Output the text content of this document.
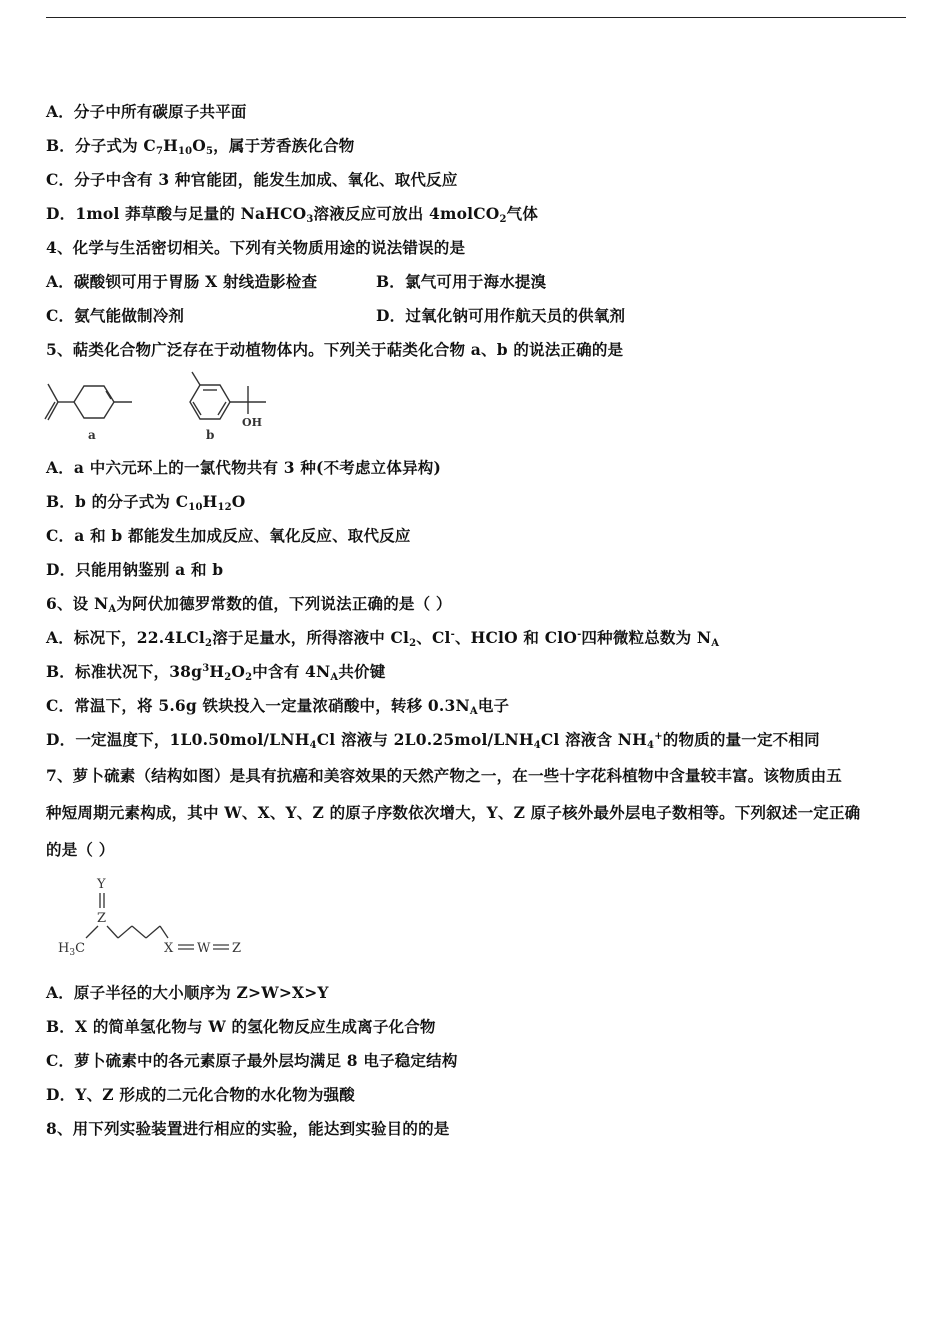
A．分子中所有碳原子共平面
B．分子式为 $C_7H_{10}O_5$，属于芳香族化合物
C．分子中含有 3 种官能团，能发生加成、氧化、取代反应
D．1mol 莽草酸与足量的 NaHCO$_3$溶液反应可放出 4molCO$_2$气体
4、化学与生活密切相关。下列有关物质用途的说法错误的是
A．碳酸钡可用于胃肠 X 射线造影检查	B．氯气可用于海水提溴
C．氨气能做制冷剂	D．过氧化钠可用作航天员的供氧剂
5、萜类化合物广泛存在于动植物体内。下列关于萜类化合物 a、b 的说法正确的是
a
OH
b
A．a 中六元环上的一氯代物共有 3 种(不考虑立体异构)
B．b 的分子式为 $C_{10}H_{12}O$
C．a 和 b 都能发生加成反应、氧化反应、取代反应
D．只能用钠鉴别 a 和 b
6、设 $N_A$为阿伏加德罗常数的值，下列说法正确的是（ ）
A．标况下，22.4LCl$_2$溶于足量水，所得溶液中 $Cl_2$、Cl-、HClO 和 ClO-四种微粒总数为 $N_A$
B．标准状况下，$38g^3H_2O_2$中含有 $4N_A$共价键
C．常温下，将 5.6g 铁块投入一定量浓硝酸中，转移 $0.3N_A$电子
D．一定温度下，$1L0.50mol/LNH_4Cl$ 溶液与 $2L0.25mol/LNH_4Cl$ 溶液含 $NH_4^+$的物质的量一定不相同
7、萝卜硫素（结构如图）是具有抗癌和美容效果的天然产物之一，在一些十字花科植物中含量较丰富。该物质由五
种短周期元素构成，其中 W、X、Y、Z 的原子序数依次增大，Y、Z 原子核外最外层电子数相等。下列叙述一定正确
的是（ ）
Y
Z
$H_3C$	X W Z
A．原子半径的大小顺序为 Z>W>X>Y
B．X 的简单氢化物与 W 的氢化物反应生成离子化合物
C．萝卜硫素中的各元素原子最外层均满足 8 电子稳定结构
D．Y、Z 形成的二元化合物的水化物为强酸
8、用下列实验装置进行相应的实验，能达到实验目的的是
